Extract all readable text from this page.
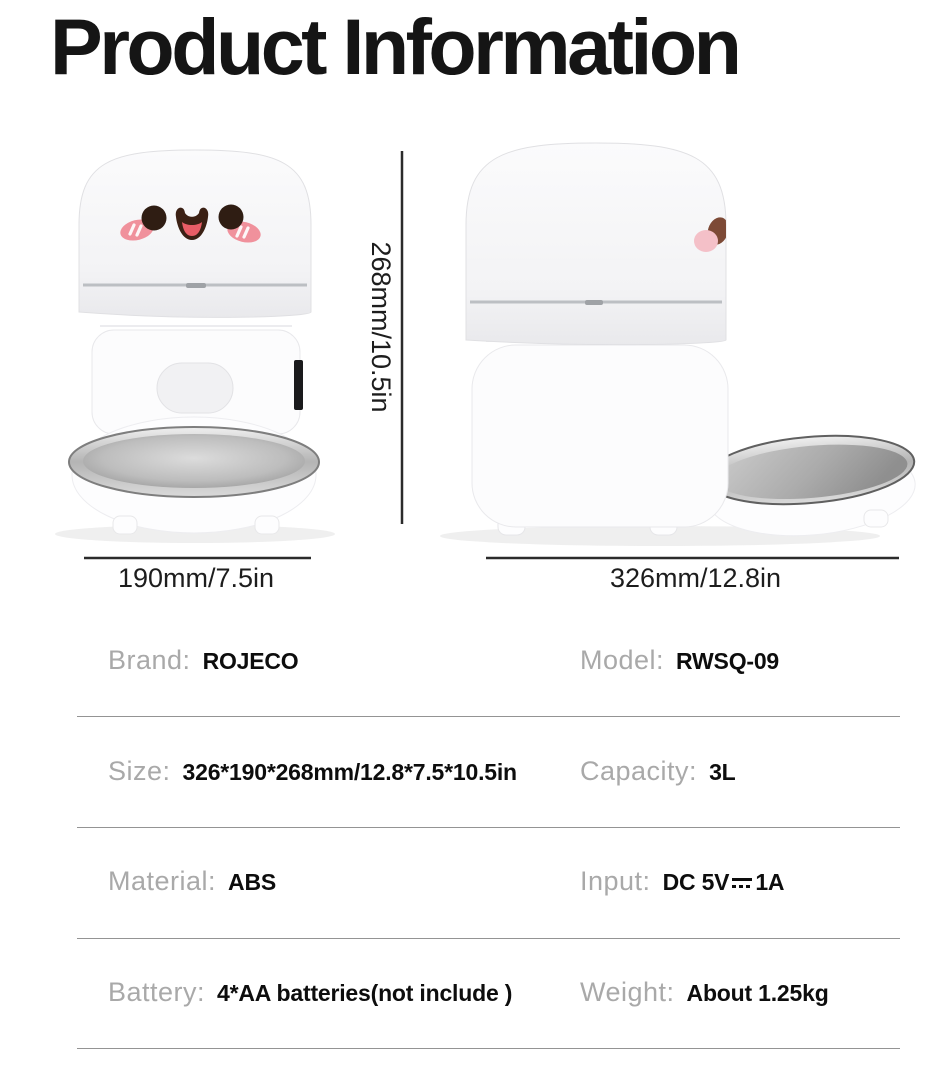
Product Information
268mm/10.5in
190mm/7.5in	326mm/12.8in
Brand: ROJECO	Model: RWSQ-09
Size: 326*190*268mm/12.8*7.5*10.5in Capacity: 3L
Material: ABS	Input: DC 5V 1A
Battery: 4*AA batteries(not include )	Weight: About 1.25kg
